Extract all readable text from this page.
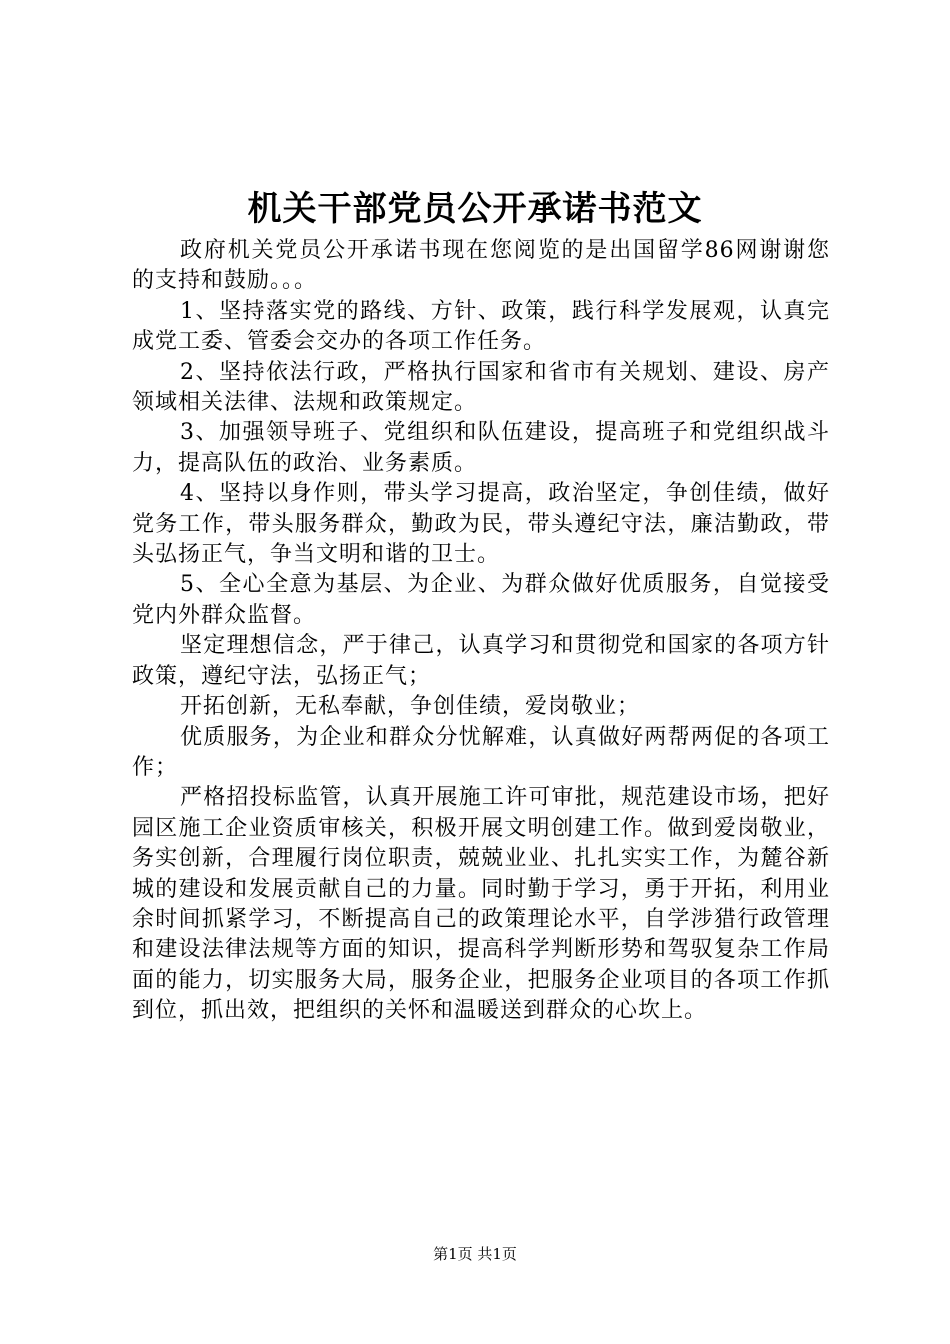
机关干部党员公开承诺书范文

政府机关党员公开承诺书现在您阅览的是出国留学86网谢谢您的支持和鼓励。。。

1、坚持落实党的路线、方针、政策，践行科学发展观，认真完成党工委、管委会交办的各项工作任务。

2、坚持依法行政，严格执行国家和省市有关规划、建设、房产领域相关法律、法规和政策规定。

3、加强领导班子、党组织和队伍建设，提高班子和党组织战斗力，提高队伍的政治、业务素质。

4、坚持以身作则，带头学习提高，政治坚定，争创佳绩，做好党务工作，带头服务群众，勤政为民，带头遵纪守法，廉洁勤政，带头弘扬正气，争当文明和谐的卫士。

5、全心全意为基层、为企业、为群众做好优质服务，自觉接受党内外群众监督。

坚定理想信念，严于律己，认真学习和贯彻党和国家的各项方针政策，遵纪守法，弘扬正气；

开拓创新，无私奉献，争创佳绩，爱岗敬业；

优质服务，为企业和群众分忧解难，认真做好两帮两促的各项工作；

严格招投标监管，认真开展施工许可审批，规范建设市场，把好园区施工企业资质审核关，积极开展文明创建工作。做到爱岗敬业，务实创新，合理履行岗位职责，兢兢业业、扎扎实实工作，为麓谷新城的建设和发展贡献自己的力量。同时勤于学习，勇于开拓，利用业余时间抓紧学习，不断提高自己的政策理论水平，自学涉猎行政管理和建设法律法规等方面的知识，提高科学判断形势和驾驭复杂工作局面的能力，切实服务大局，服务企业，把服务企业项目的各项工作抓到位，抓出效，把组织的关怀和温暖送到群众的心坎上。

第1页 共1页
